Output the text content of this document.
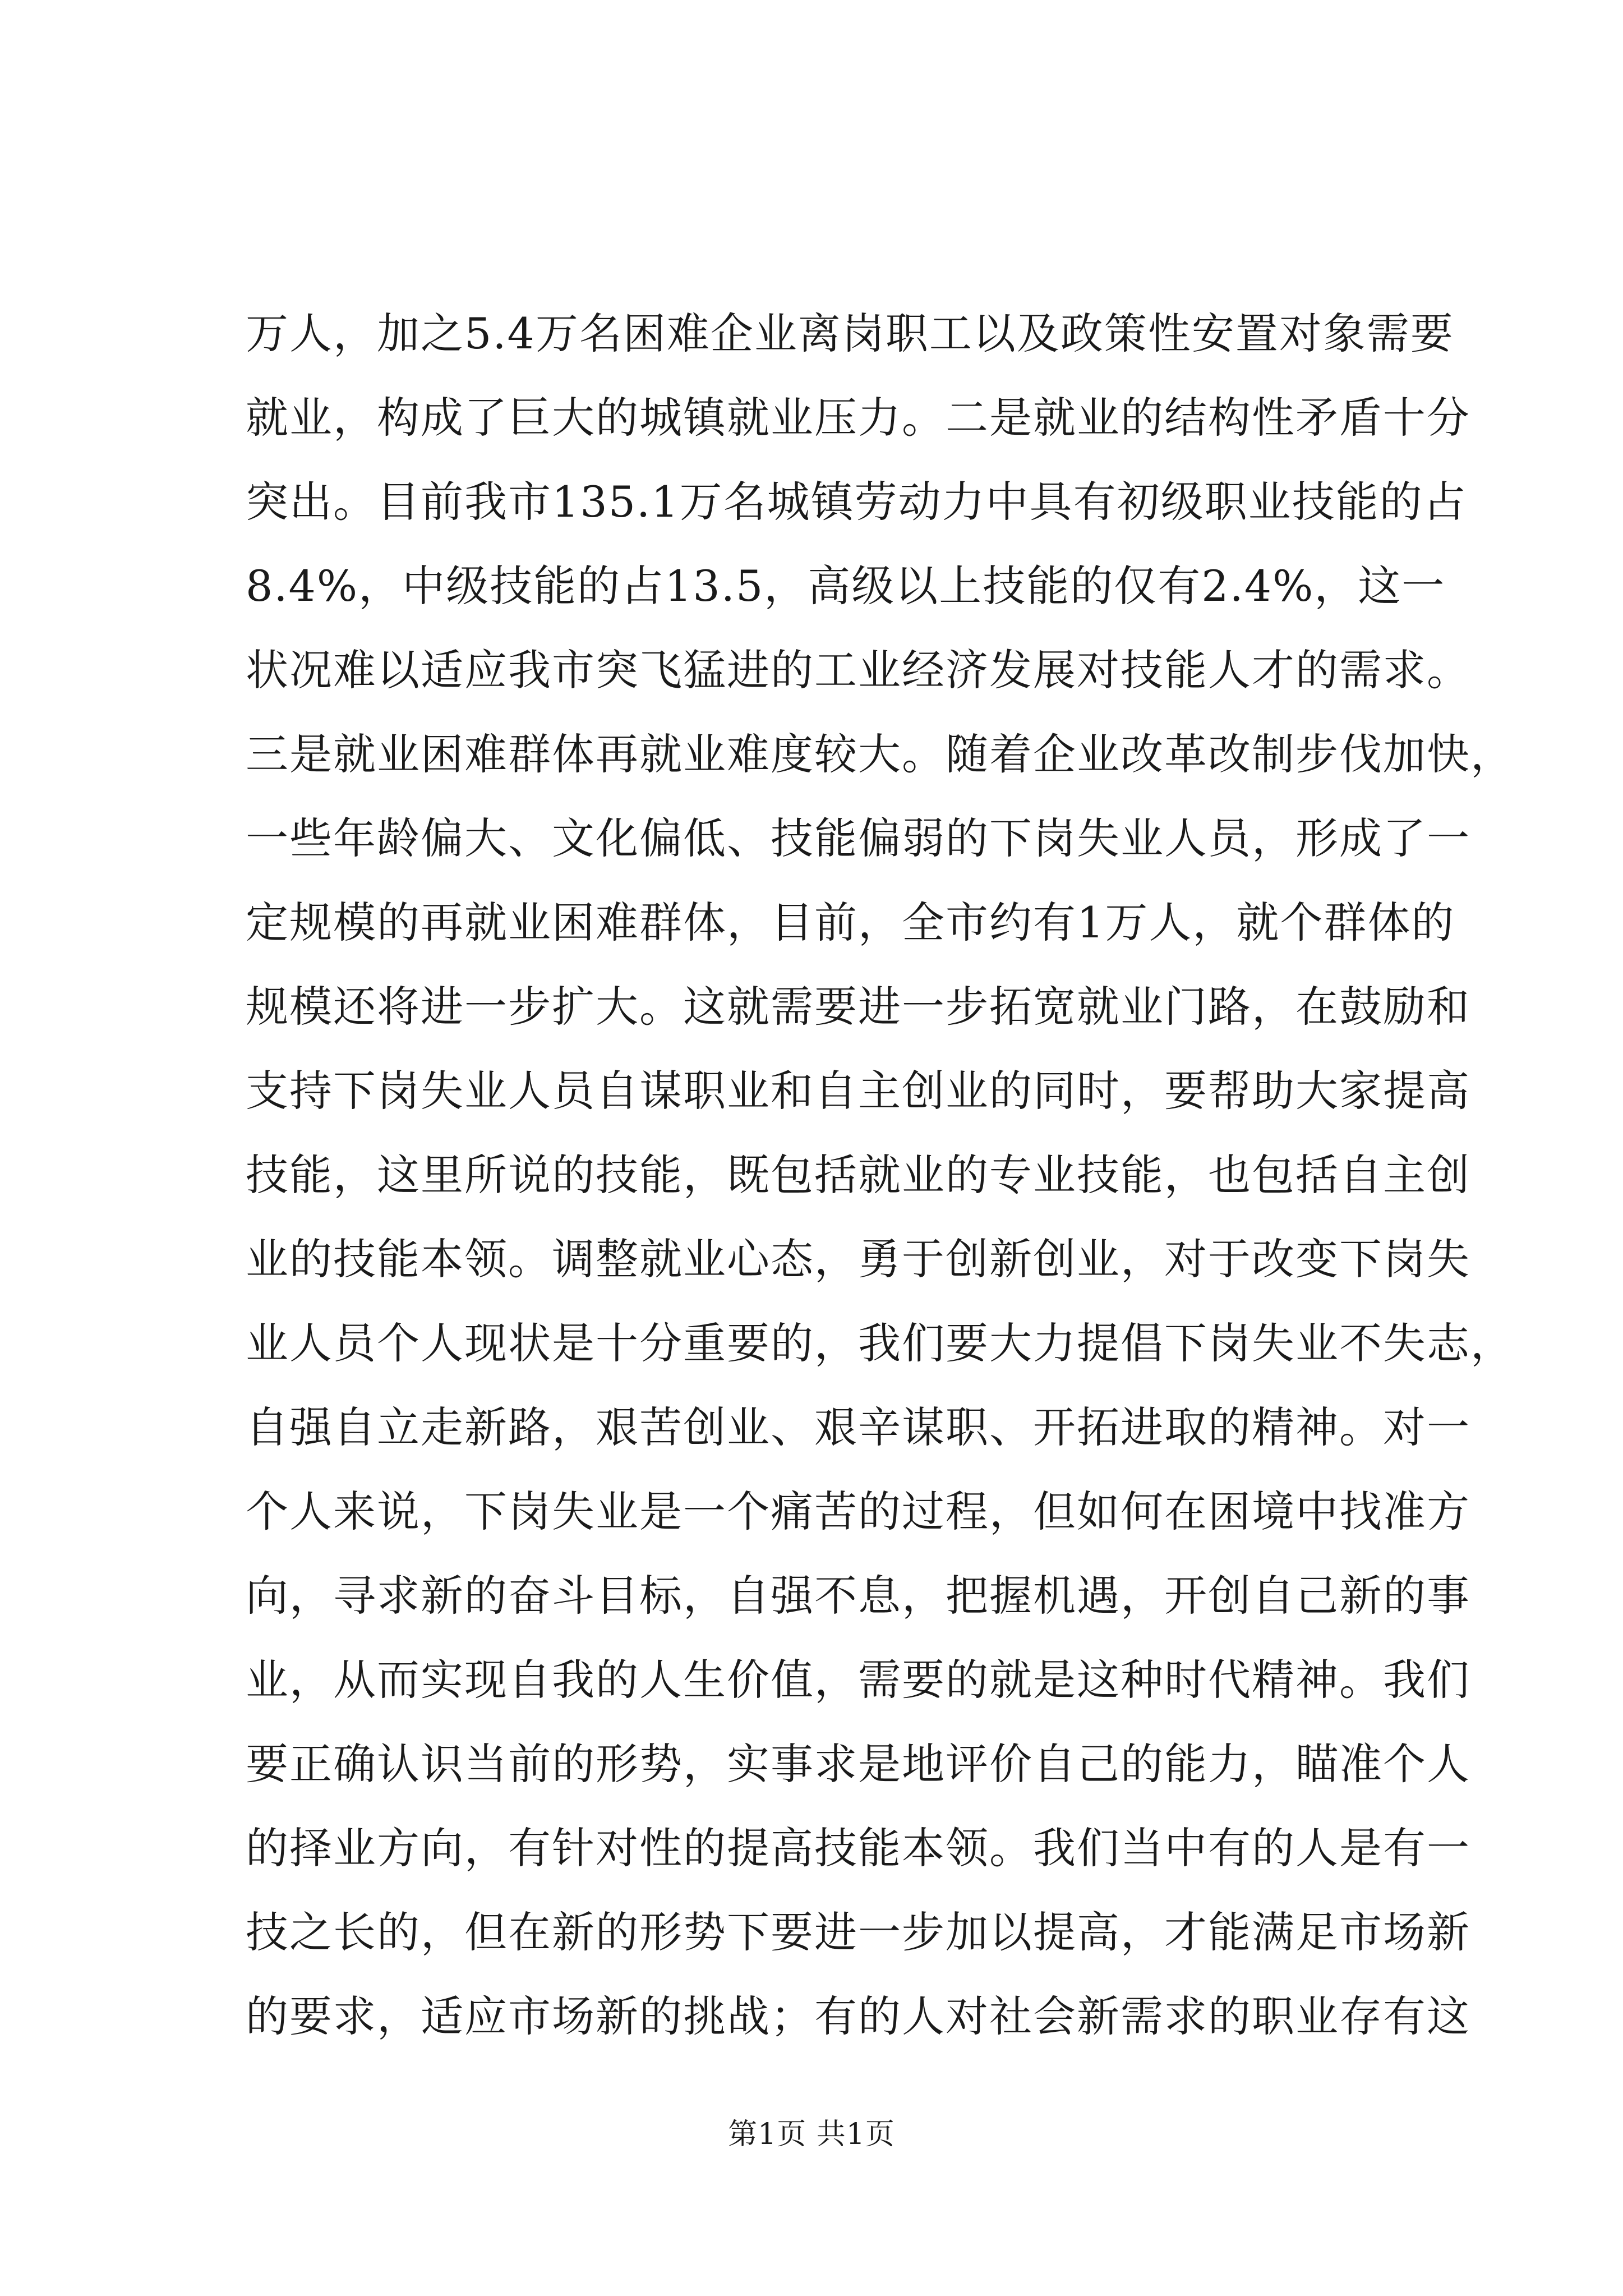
万人，加之5.4万名困难企业离岗职工以及政策性安置对象需要
就业，构成了巨大的城镇就业压力。二是就业的结构性矛盾十分
突出。目前我市135.1万名城镇劳动力中具有初级职业技能的占
8.4%，中级技能的占13.5，高级以上技能的仅有2.4%，这一
状况难以适应我市突飞猛进的工业经济发展对技能人才的需求。
三是就业困难群体再就业难度较大。随着企业改革改制步伐加快，
一些年龄偏大、文化偏低、技能偏弱的下岗失业人员，形成了一
定规模的再就业困难群体，目前，全市约有1万人，就个群体的
规模还将进一步扩大。这就需要进一步拓宽就业门路，在鼓励和
支持下岗失业人员自谋职业和自主创业的同时，要帮助大家提高
技能，这里所说的技能，既包括就业的专业技能，也包括自主创
业的技能本领。调整就业心态，勇于创新创业，对于改变下岗失
业人员个人现状是十分重要的，我们要大力提倡下岗失业不失志，
自强自立走新路，艰苦创业、艰辛谋职、开拓进取的精神。对一
个人来说，下岗失业是一个痛苦的过程，但如何在困境中找准方
向，寻求新的奋斗目标，自强不息，把握机遇，开创自己新的事
业，从而实现自我的人生价值，需要的就是这种时代精神。我们
要正确认识当前的形势，实事求是地评价自己的能力，瞄准个人
的择业方向，有针对性的提高技能本领。我们当中有的人是有一
技之长的，但在新的形势下要进一步加以提高，才能满足市场新
的要求，适应市场新的挑战；有的人对社会新需求的职业存有这
第1页 共1页
